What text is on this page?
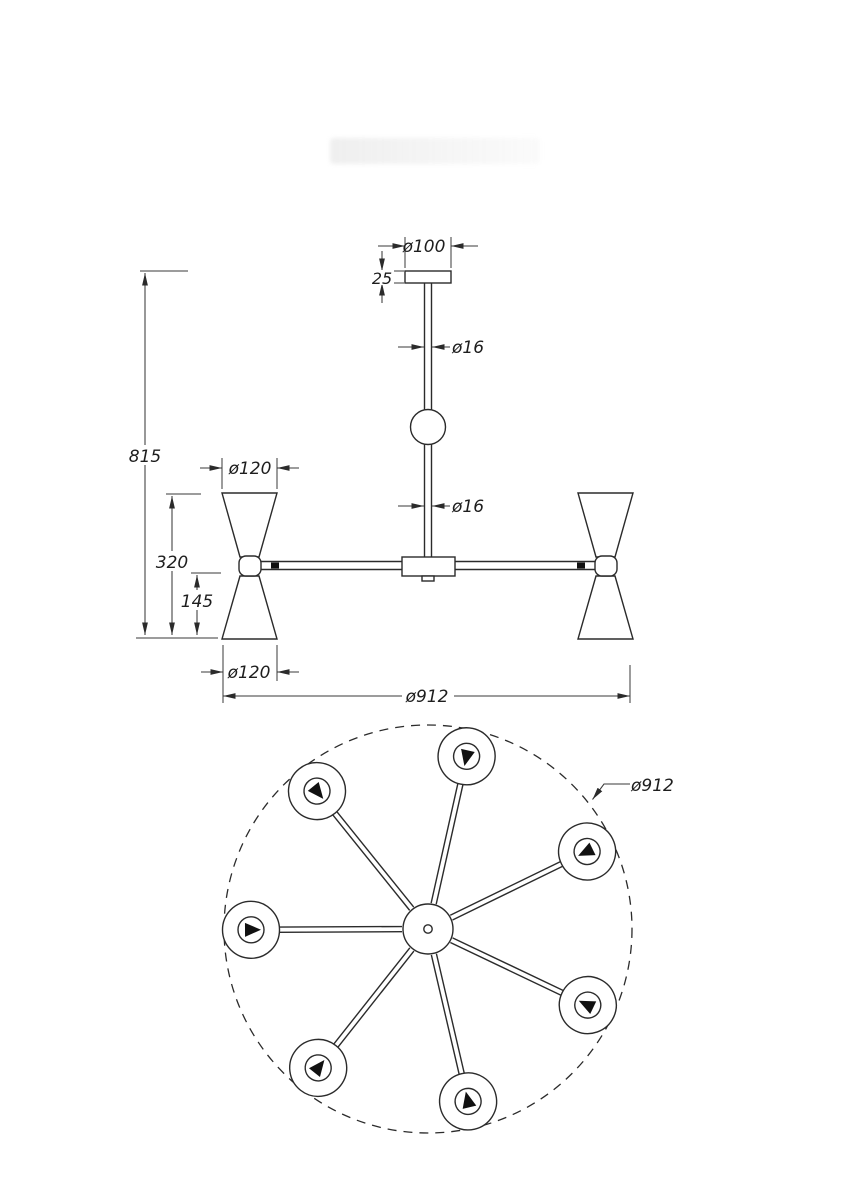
ø100
25
ø16
ø16
815
320
145
ø120
ø120
ø912
ø912
